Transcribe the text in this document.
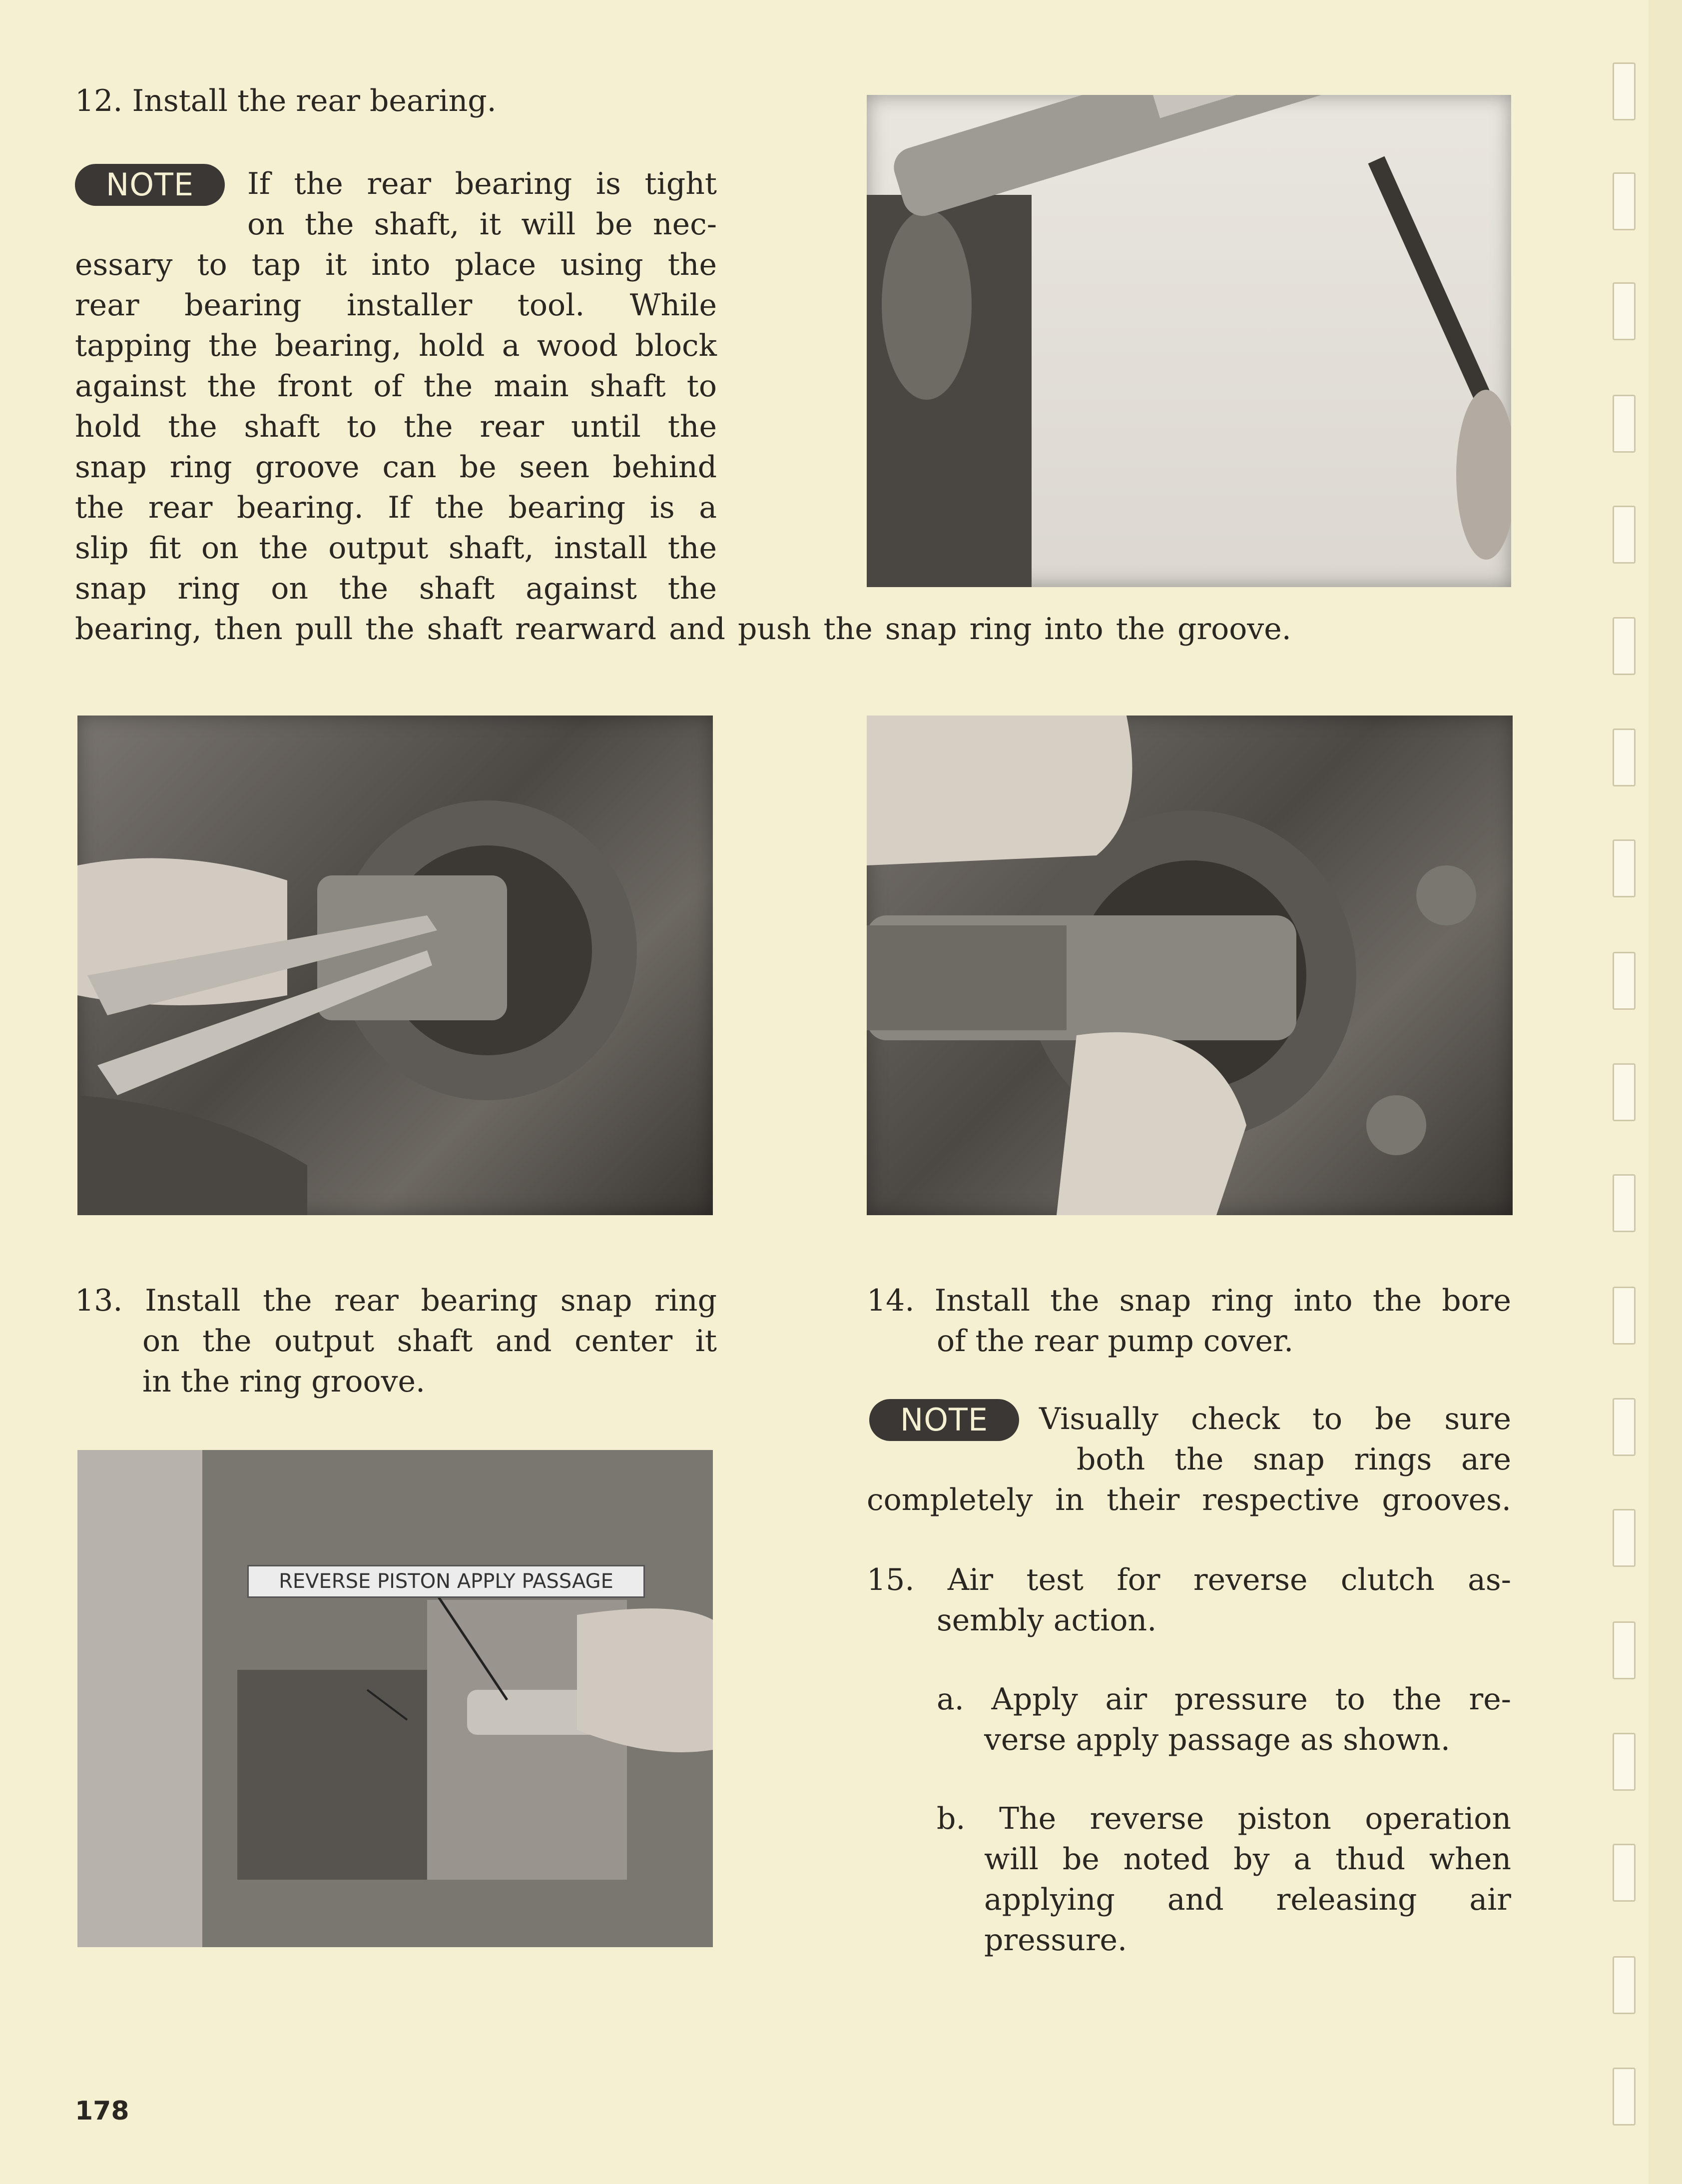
12. Install the rear bearing.
NOTE	If the rear bearing is tight
on the shaft, it will be nec-
essary to tap it into place using the
rear bearing installer tool. While
tapping the bearing, hold a wood block
against the front of the main shaft to
hold the shaft to the rear until the
snap ring groove can be seen behind
the rear bearing. If the bearing is a
slip fit on the output shaft, install the
snap ring on the shaft against the
bearing, then pull the shaft rearward and push the snap ring into the groove.
13. Install the rear bearing snap ring
on the output shaft and center it
in the ring groove.
REVERSE PISTON APPLY PASSAGE
14. Install the snap ring into the bore
of the rear pump cover.
NOTE	Visually check to be sure
both the snap rings are
completely in their respective grooves.
15. Air test for reverse clutch as-
sembly action.
a. Apply air pressure to the re-
verse apply passage as shown.
b. The reverse piston operation
will be noted by a thud when
applying and releasing air
pressure.
178
